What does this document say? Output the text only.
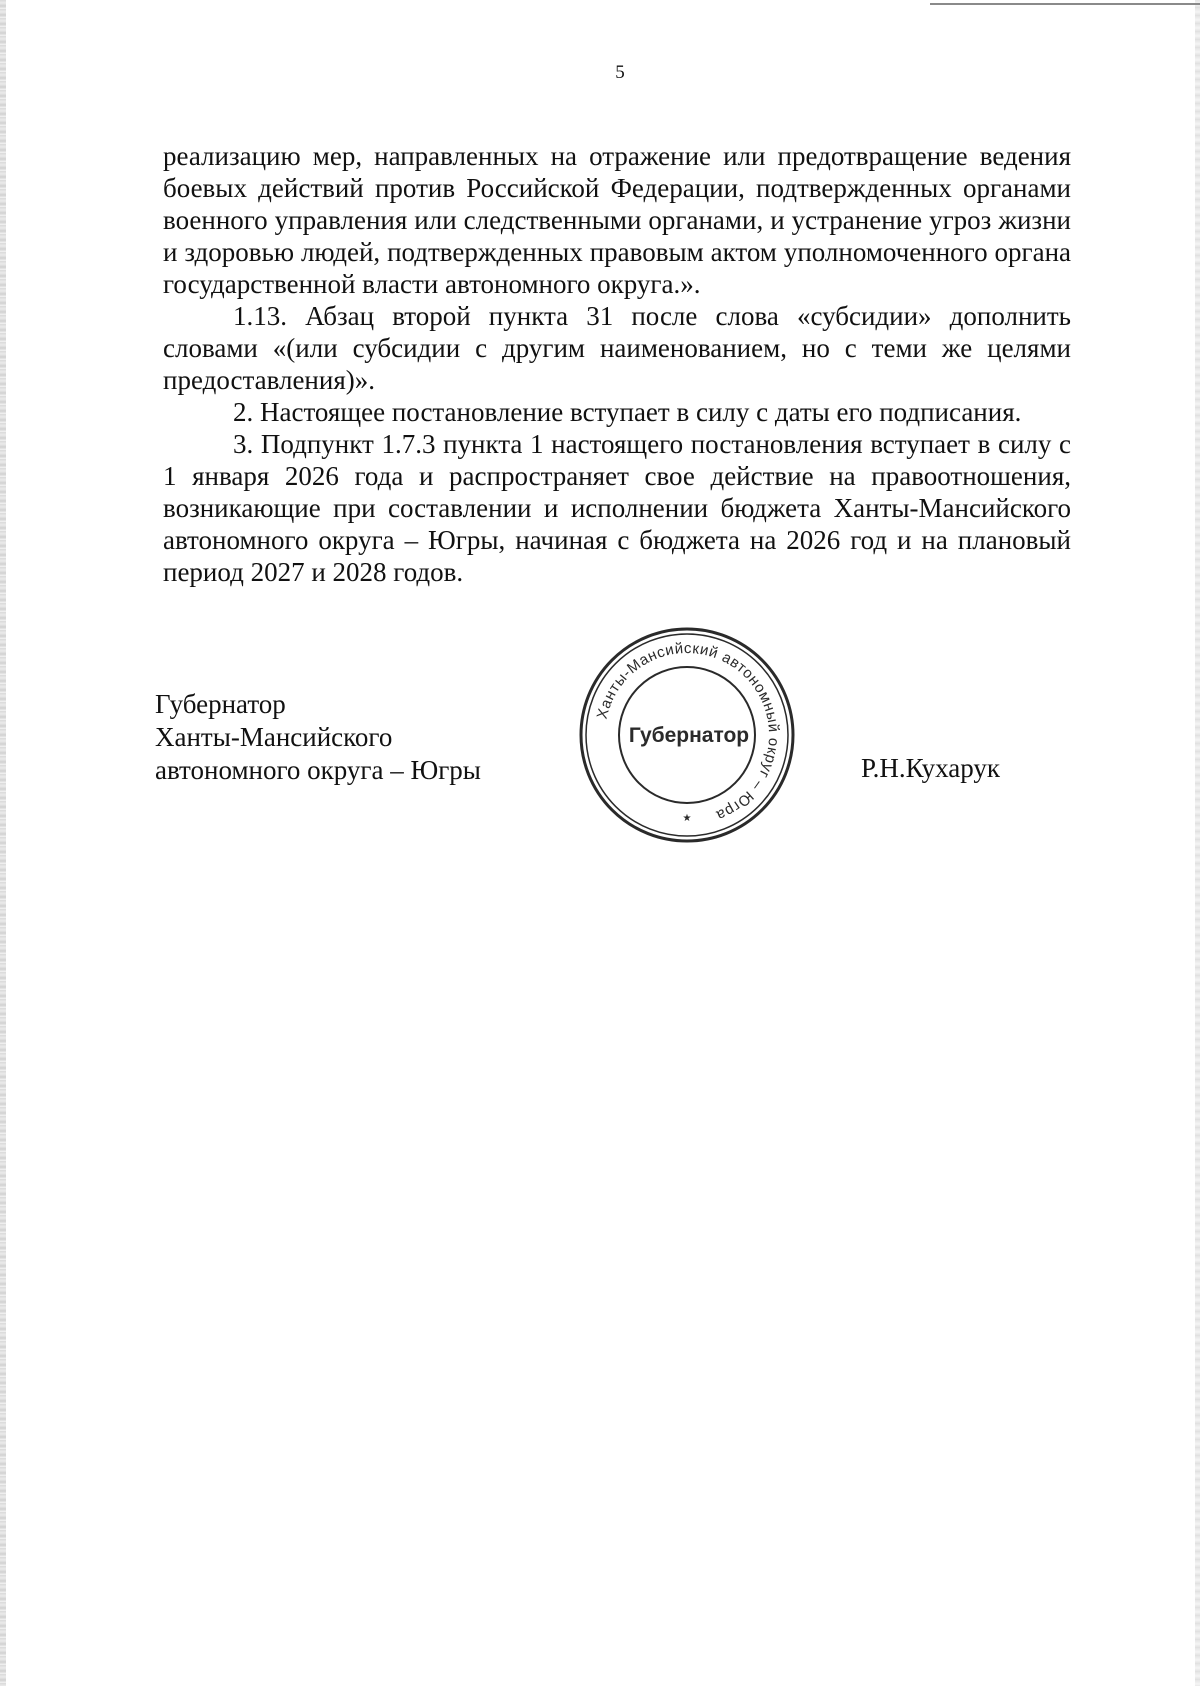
5

реализацию мер, направленных на отражение или предотвращение ведения боевых действий против Российской Федерации, подтвержденных органами военного управления или следственными органами, и устранение угроз жизни и здоровью людей, подтвержденных правовым актом уполномоченного органа государственной власти автономного округа.».

1.13. Абзац второй пункта 31 после слова «субсидии» дополнить словами «(или субсидии с другим наименованием, но с теми же целями предоставления)».

2. Настоящее постановление вступает в силу с даты его подписания.

3. Подпункт 1.7.3 пункта 1 настоящего постановления вступает в силу с 1 января 2026 года и распространяет свое действие на правоотношения, возникающие при составлении и исполнении бюджета Ханты-Мансийского автономного округа – Югры, начиная с бюджета на 2026 год и на плановый период 2027 и 2028 годов.

Губернатор
Ханты-Мансийского
автономного округа – Югры
Ханты-Мансийский автономный округ – Югра
Губернатор
★
Р.Н.Кухарук
